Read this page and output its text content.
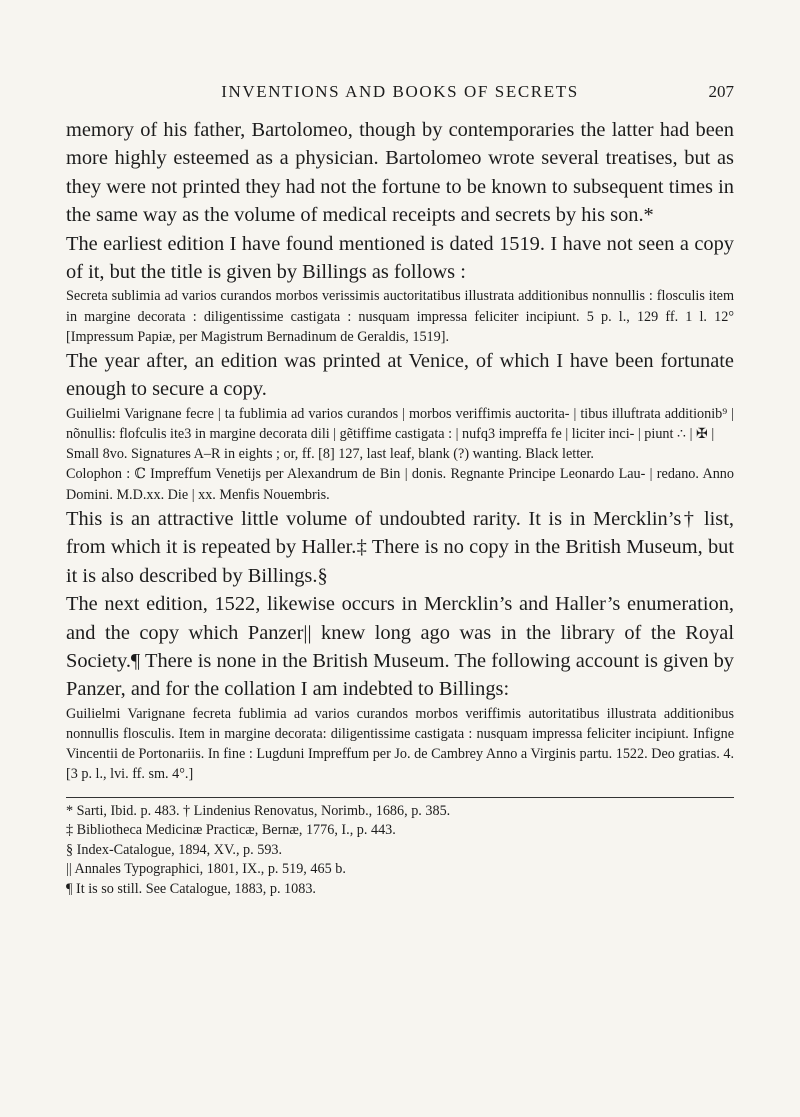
INVENTIONS AND BOOKS OF SECRETS	207

memory of his father, Bartolomeo, though by contemporaries the latter had been more highly esteemed as a physician. Bartolomeo wrote several treatises, but as they were not printed they had not the fortune to be known to subsequent times in the same way as the volume of medical receipts and secrets by his son.*

The earliest edition I have found mentioned is dated 1519. I have not seen a copy of it, but the title is given by Billings as follows :

Secreta sublimia ad varios curandos morbos verissimis auctoritatibus illustrata additionibus nonnullis : flosculis item in margine decorata : diligentissime castigata : nusquam impressa feliciter incipiunt. 5 p. l., 129 ff. 1 l. 12° [Impressum Papiæ, per Magistrum Bernadinum de Geraldis, 1519].

The year after, an edition was printed at Venice, of which I have been fortunate enough to secure a copy.

Guilielmi Varignane fecre | ta fublimia ad varios curandos | morbos veriffimis auctorita- | tibus illuftrata additionib⁹ | nõnullis: flofculis ite3 in margine decorata dili | gẽtiffime castigata : | nufq3 impreffa fe | liciter inci- | piunt ∴ | ✠ |

Small 8vo. Signatures A–R in eights ; or, ff. [8] 127, last leaf, blank (?) wanting. Black letter.

Colophon : ℂ Impreffum Venetijs per Alexandrum de Bin | donis. Regnante Principe Leonardo Lau- | redano. Anno Domini. M.D.xx. Die | xx. Menfis Nouembris.

This is an attractive little volume of undoubted rarity. It is in Mercklin’s† list, from which it is repeated by Haller.‡ There is no copy in the British Museum, but it is also described by Billings.§

The next edition, 1522, likewise occurs in Mercklin’s and Haller’s enumeration, and the copy which Panzer|| knew long ago was in the library of the Royal Society.¶ There is none in the British Museum. The following account is given by Panzer, and for the collation I am indebted to Billings:

Guilielmi Varignane fecreta fublimia ad varios curandos morbos veriffimis autoritatibus illustrata additionibus nonnullis flosculis. Item in margine decorata: diligentissime castigata : nusquam impressa feliciter incipiunt. Infigne Vincentii de Portonariis. In fine : Lugduni Impreffum per Jo. de Cambrey Anno a Virginis partu. 1522. Deo gratias. 4. [3 p. l., lvi. ff. sm. 4°.]

* Sarti, Ibid. p. 483. † Lindenius Renovatus, Norimb., 1686, p. 385.

‡ Bibliotheca Medicinæ Practicæ, Bernæ, 1776, I., p. 443.

§ Index-Catalogue, 1894, XV., p. 593.

|| Annales Typographici, 1801, IX., p. 519, 465 b.

¶ It is so still. See Catalogue, 1883, p. 1083.
